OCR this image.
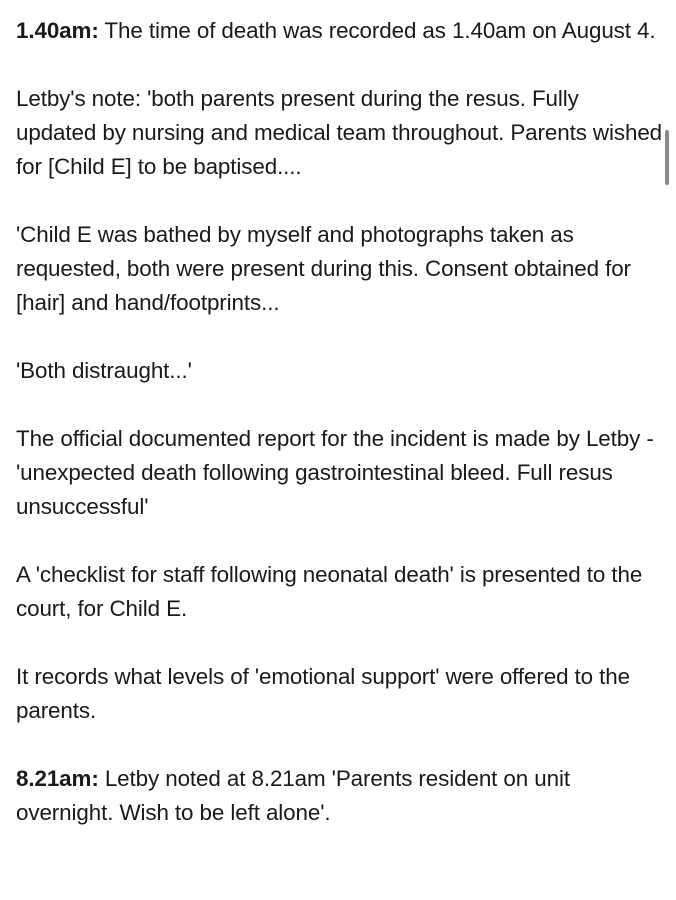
1.40am: The time of death was recorded as 1.40am on August 4.

Letby's note: 'both parents present during the resus. Fully updated by nursing and medical team throughout. Parents wished for [Child E] to be baptised....

'Child E was bathed by myself and photographs taken as requested, both were present during this. Consent obtained for [hair] and hand/footprints...

'Both distraught...'

The official documented report for the incident is made by Letby - 'unexpected death following gastrointestinal bleed. Full resus unsuccessful'

A 'checklist for staff following neonatal death' is presented to the court, for Child E.

It records what levels of 'emotional support' were offered to the parents.

8.21am: Letby noted at 8.21am 'Parents resident on unit overnight. Wish to be left alone'.
